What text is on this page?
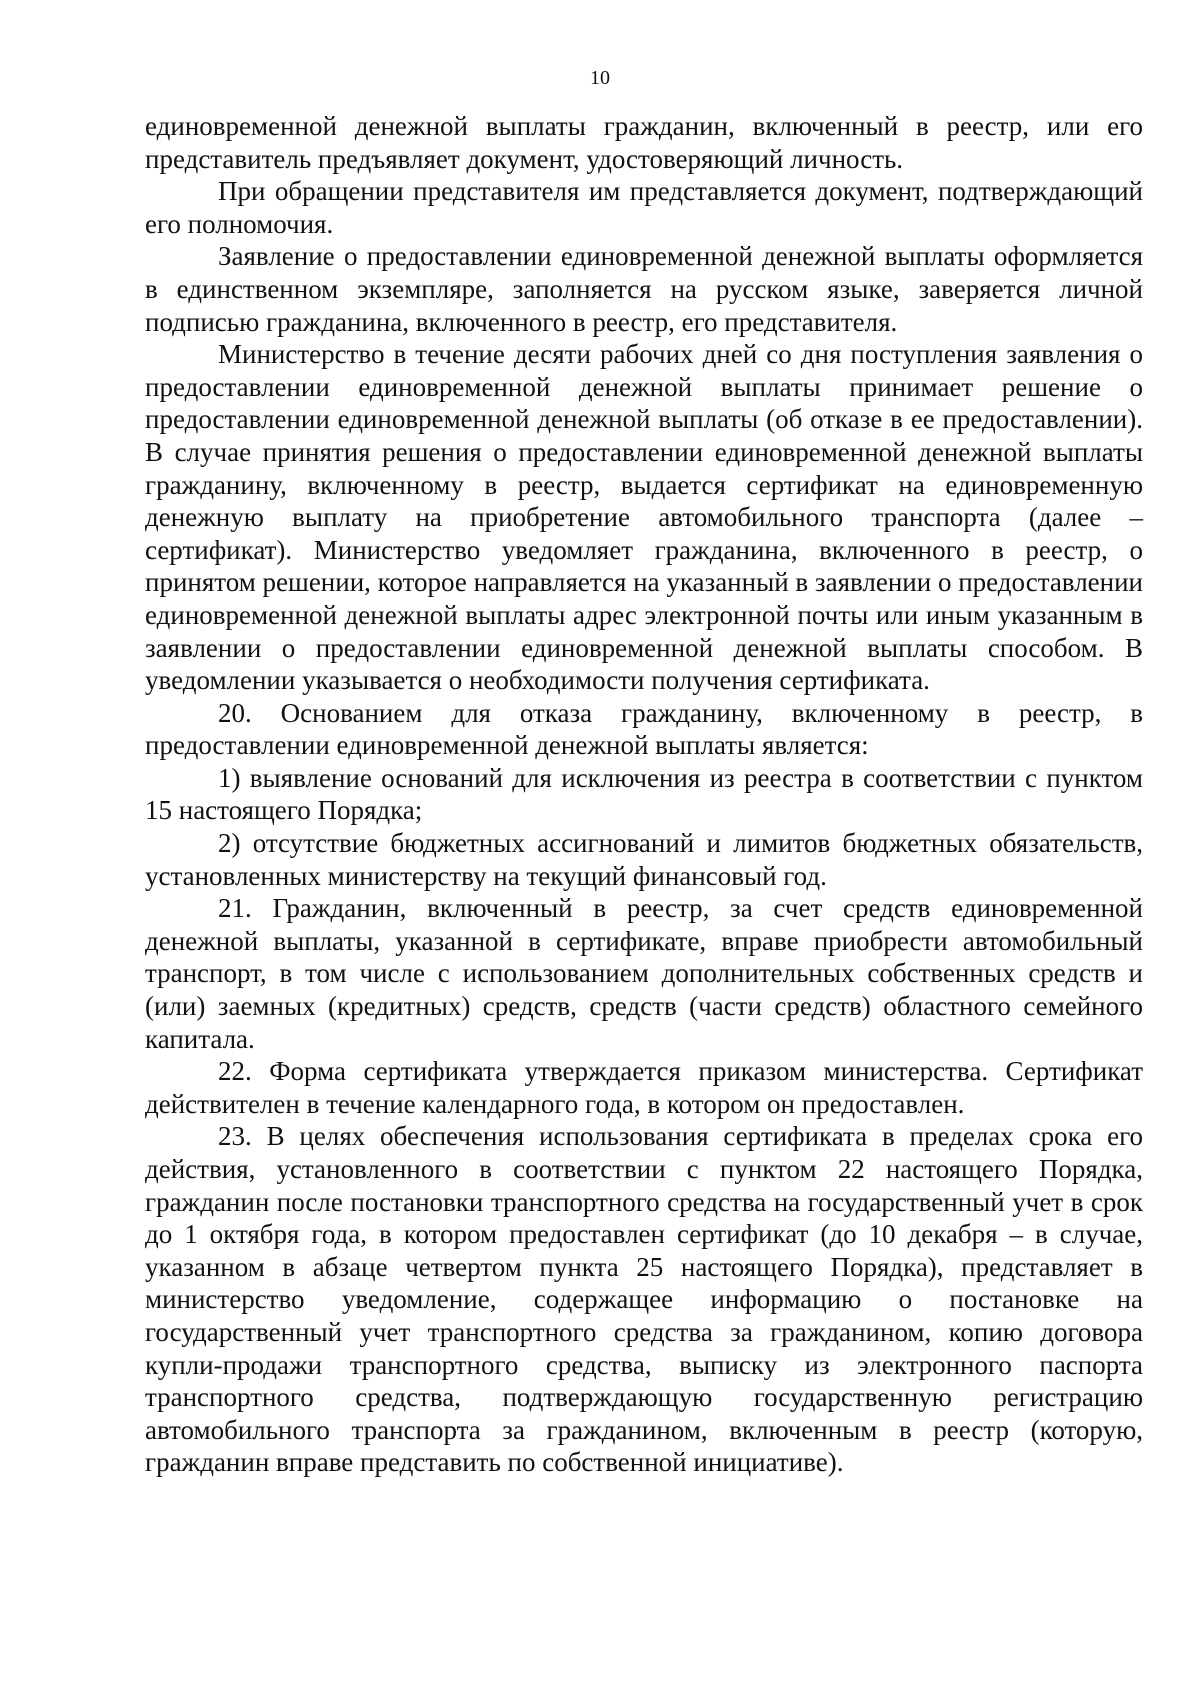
10

единовременной денежной выплаты гражданин, включенный в реестр, или его представитель предъявляет документ, удостоверяющий личность.

При обращении представителя им представляется документ, подтверждающий его полномочия.

Заявление о предоставлении единовременной денежной выплаты оформляется в единственном экземпляре, заполняется на русском языке, заверяется личной подписью гражданина, включенного в реестр, его представителя.

Министерство в течение десяти рабочих дней со дня поступления заявления о предоставлении единовременной денежной выплаты принимает решение о предоставлении единовременной денежной выплаты (об отказе в ее предоставлении). В случае принятия решения о предоставлении единовременной денежной выплаты гражданину, включенному в реестр, выдается сертификат на единовременную денежную выплату на приобретение автомобильного транспорта (далее – сертификат). Министерство уведомляет гражданина, включенного в реестр, о принятом решении, которое направляется на указанный в заявлении о предоставлении единовременной денежной выплаты адрес электронной почты или иным указанным в заявлении о предоставлении единовременной денежной выплаты способом. В уведомлении указывается о необходимости получения сертификата.

20. Основанием для отказа гражданину, включенному в реестр, в предоставлении единовременной денежной выплаты является:

1) выявление оснований для исключения из реестра в соответствии с пунктом 15 настоящего Порядка;

2) отсутствие бюджетных ассигнований и лимитов бюджетных обязательств, установленных министерству на текущий финансовый год.

21. Гражданин, включенный в реестр, за счет средств единовременной денежной выплаты, указанной в сертификате, вправе приобрести автомобильный транспорт, в том числе с использованием дополнительных собственных средств и (или) заемных (кредитных) средств, средств (части средств) областного семейного капитала.

22. Форма сертификата утверждается приказом министерства. Сертификат действителен в течение календарного года, в котором он предоставлен.

23. В целях обеспечения использования сертификата в пределах срока его действия, установленного в соответствии с пунктом 22 настоящего Порядка, гражданин после постановки транспортного средства на государственный учет в срок до 1 октября года, в котором предоставлен сертификат (до 10 декабря – в случае, указанном в абзаце четвертом пункта 25 настоящего Порядка), представляет в министерство уведомление, содержащее информацию о постановке на государственный учет транспортного средства за гражданином, копию договора купли-продажи транспортного средства, выписку из электронного паспорта транспортного средства, подтверждающую государственную регистрацию автомобильного транспорта за гражданином, включенным в реестр (которую, гражданин вправе представить по собственной инициативе).
